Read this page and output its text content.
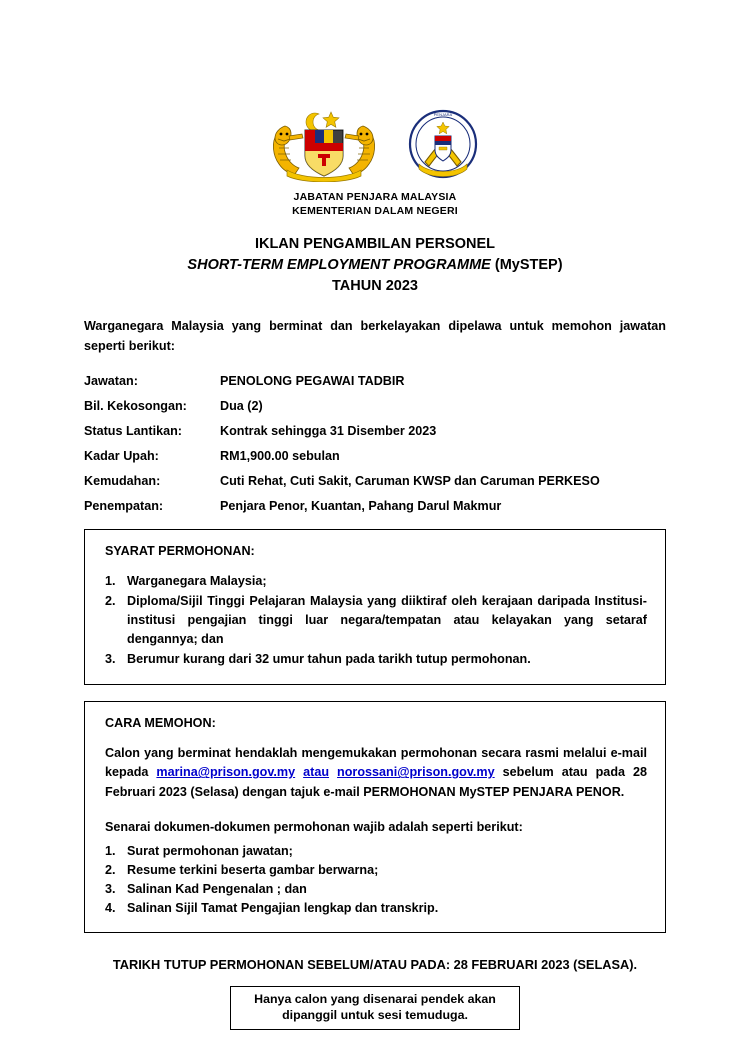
PENJARA
JABATAN PENJARA MALAYSIA
KEMENTERIAN DALAM NEGERI
IKLAN PENGAMBILAN PERSONEL
SHORT-TERM EMPLOYMENT PROGRAMME (MySTEP)
TAHUN 2023
Warganegara Malaysia yang berminat dan berkelayakan dipelawa untuk memohon jawatan seperti berikut:
Jawatan:	PENOLONG PEGAWAI TADBIR
Bil. Kekosongan:	Dua (2)
Status Lantikan:	Kontrak sehingga 31 Disember 2023
Kadar Upah:	RM1,900.00 sebulan
Kemudahan:	Cuti Rehat, Cuti Sakit, Caruman KWSP dan Caruman PERKESO
Penempatan:	Penjara Penor, Kuantan, Pahang Darul Makmur
SYARAT PERMOHONAN:
1. Warganegara Malaysia;
2. Diploma/Sijil Tinggi Pelajaran Malaysia yang diiktiraf oleh kerajaan daripada Institusi-institusi pengajian tinggi luar negara/tempatan atau kelayakan yang setaraf dengannya; dan
3. Berumur kurang dari 32 umur tahun pada tarikh tutup permohonan.
CARA MEMOHON:
Calon yang berminat hendaklah mengemukakan permohonan secara rasmi melalui e-mail kepada marina@prison.gov.my atau norossani@prison.gov.my sebelum atau pada 28 Februari 2023 (Selasa) dengan tajuk e-mail PERMOHONAN MySTEP PENJARA PENOR.
Senarai dokumen-dokumen permohonan wajib adalah seperti berikut:
1. Surat permohonan jawatan;
2. Resume terkini beserta gambar berwarna;
3. Salinan Kad Pengenalan ; dan
4. Salinan Sijil Tamat Pengajian lengkap dan transkrip.
TARIKH TUTUP PERMOHONAN SEBELUM/ATAU PADA: 28 FEBRUARI 2023 (SELASA).
Hanya calon yang disenarai pendek akan
dipanggil untuk sesi temuduga.
